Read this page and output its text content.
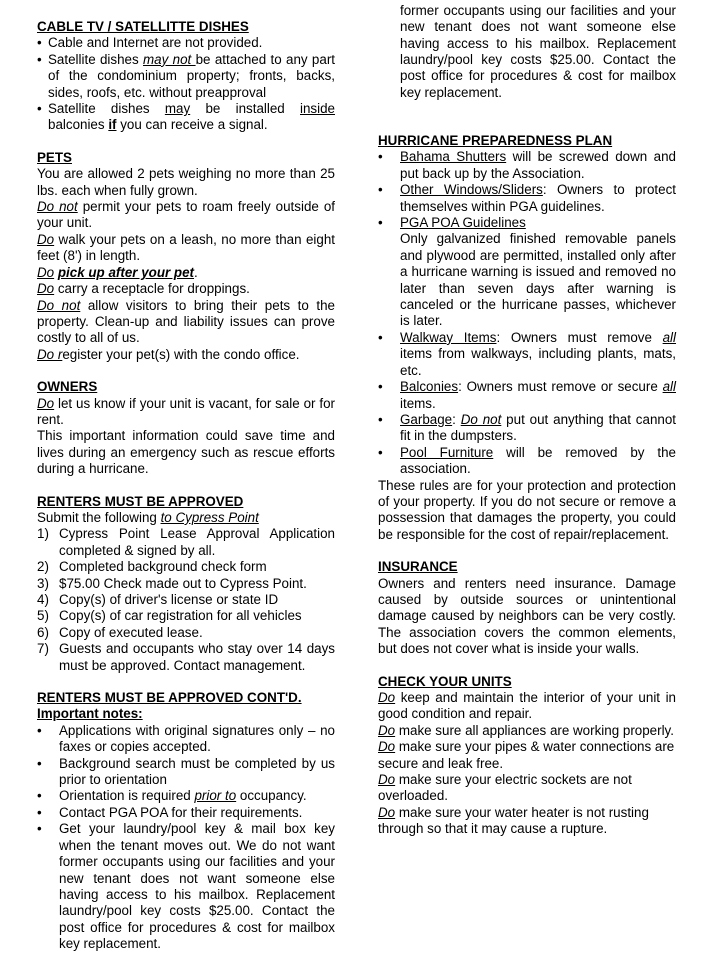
CABLE TV / SATELLITTE DISHES
• Cable and Internet are not provided.
• Satellite dishes may not be attached to any part of the condominium property; fronts, backs, sides, roofs, etc. without preapproval
• Satellite dishes may be installed inside balconies if you can receive a signal.
PETS

You are allowed 2 pets weighing no more than 25 lbs. each when fully grown.

Do not permit your pets to roam freely outside of your unit.

Do walk your pets on a leash, no more than eight feet (8') in length.

Do pick up after your pet.

Do carry a receptacle for droppings.

Do not allow visitors to bring their pets to the property. Clean-up and liability issues can prove costly to all of us.

Do register your pet(s) with the condo office.

OWNERS

Do let us know if your unit is vacant, for sale or for rent.

This important information could save time and lives during an emergency such as rescue efforts during a hurricane.

RENTERS MUST BE APPROVED

Submit the following to Cypress Point

1) Cypress Point Lease Approval Application completed & signed by all.
2) Completed background check form
3) $75.00 Check made out to Cypress Point.
4) Copy(s) of driver's license or state ID
5) Copy(s) of car registration for all vehicles
6) Copy of executed lease.
7) Guests and occupants who stay over 14 days must be approved. Contact management.
RENTERS MUST BE APPROVED CONT'D.
Important notes:
• Applications with original signatures only – no faxes or copies accepted.
• Background search must be completed by us prior to orientation
• Orientation is required prior to occupancy.
• Contact PGA POA for their requirements.
• Get your laundry/pool key & mail box key when the tenant moves out. We do not want former occupants using our facilities and your new tenant does not want someone else having access to his mailbox. Replacement laundry/pool key costs $25.00. Contact the post office for procedures & cost for mailbox key replacement.
• former occupants using our facilities and your new tenant does not want someone else having access to his mailbox. Replacement laundry/pool key costs $25.00. Contact the post office for procedures & cost for mailbox key replacement.
HURRICANE PREPAREDNESS PLAN
• Bahama Shutters will be screwed down and put back up by the Association.
• Other Windows/Sliders: Owners to protect themselves within PGA guidelines.
• PGA POA Guidelines
Only galvanized finished removable panels and plywood are permitted, installed only after a hurricane warning is issued and removed no later than seven days after warning is canceled or the hurricane passes, whichever is later.
• Walkway Items: Owners must remove all items from walkways, including plants, mats, etc.
• Balconies: Owners must remove or secure all items.
• Garbage: Do not put out anything that cannot fit in the dumpsters.
• Pool Furniture will be removed by the association.

These rules are for your protection and protection of your property. If you do not secure or remove a possession that damages the property, you could be responsible for the cost of repair/replacement.

INSURANCE

Owners and renters need insurance. Damage caused by outside sources or unintentional damage caused by neighbors can be very costly. The association covers the common elements, but does not cover what is inside your walls.

CHECK YOUR UNITS

Do keep and maintain the interior of your unit in good condition and repair.

Do make sure all appliances are working properly.

Do make sure your pipes & water connections are secure and leak free.

Do make sure your electric sockets are not overloaded.

Do make sure your water heater is not rusting through so that it may cause a rupture.
